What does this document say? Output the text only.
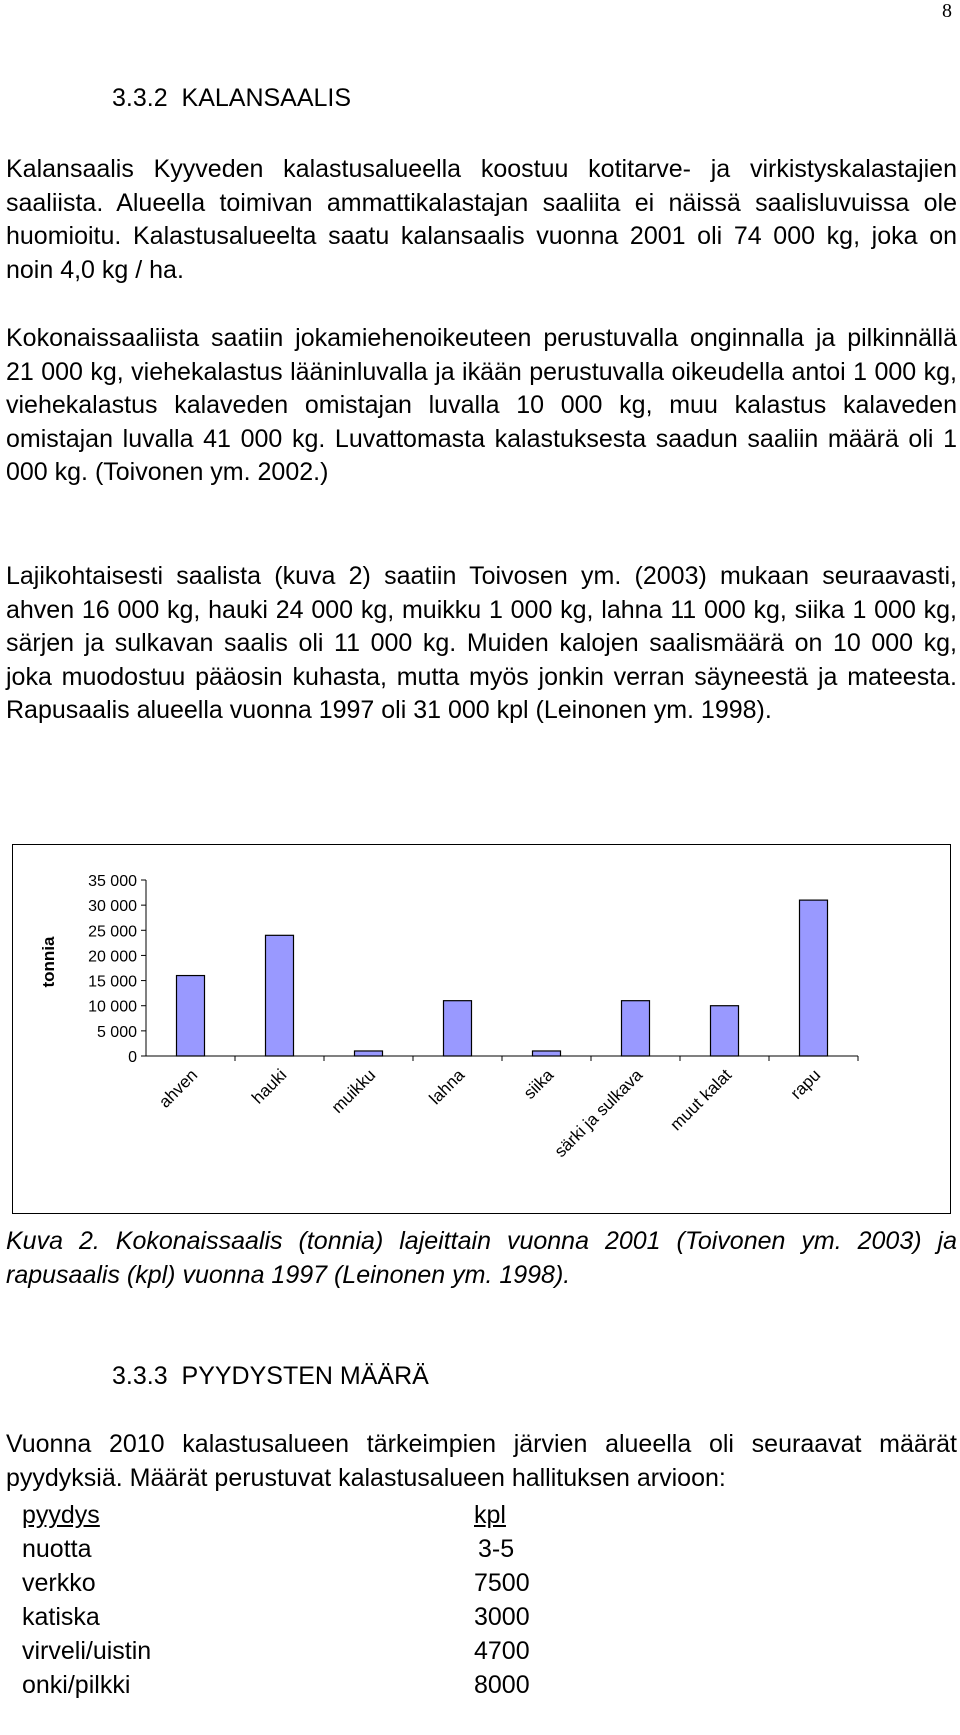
8
3.3.2 KALANSAALIS
Kalansaalis Kyyveden kalastusalueella koostuu kotitarve- ja virkistyskalastajien saaliista. Alueella toimivan ammattikalastajan saaliita ei näissä saalisluvuissa ole huomioitu. Kalastusalueelta saatu kalansaalis vuonna 2001 oli 74 000 kg, joka on noin 4,0 kg / ha.
Kokonaissaaliista saatiin jokamiehenoikeuteen perustuvalla onginnalla ja pilkinnällä 21 000 kg, viehekalastus lääninluvalla ja ikään perustuvalla oikeudella antoi 1 000 kg, viehekalastus kalaveden omistajan luvalla 10 000 kg, muu kalastus kalaveden omistajan luvalla 41 000 kg. Luvattomasta kalastuksesta saadun saaliin määrä oli 1 000 kg. (Toivonen ym. 2002.)
Lajikohtaisesti saalista (kuva 2) saatiin Toivosen ym. (2003) mukaan seuraavasti, ahven 16 000 kg, hauki 24 000 kg, muikku 1 000 kg, lahna 11 000 kg, siika 1 000 kg, särjen ja sulkavan saalis oli 11 000 kg. Muiden kalojen saalismäärä on 10 000 kg, joka muodostuu pääosin kuhasta, mutta myös jonkin verran säyneestä ja mateesta. Rapusaalis alueella vuonna 1997 oli 31 000 kpl (Leinonen ym. 1998).
tonnia
0
5 000
10 000
15 000
20 000
25 000
30 000
35 000
ahven	hauki muikku	lahna	siika
särki ja sulkava muut kalat	rapu
Kuva 2. Kokonaissaalis (tonnia) lajeittain vuonna 2001 (Toivonen ym. 2003) ja rapusaalis (kpl) vuonna 1997 (Leinonen ym. 1998).
3.3.3 PYYDYSTEN MÄÄRÄ
Vuonna 2010 kalastusalueen tärkeimpien järvien alueella oli seuraavat määrät pyydyksiä. Määrät perustuvat kalastusalueen hallituksen arvioon:
pyydys	kpl
nuotta	3-5
verkko	7500
katiska	3000
virveli/uistin	4700
onki/pilkki	8000
